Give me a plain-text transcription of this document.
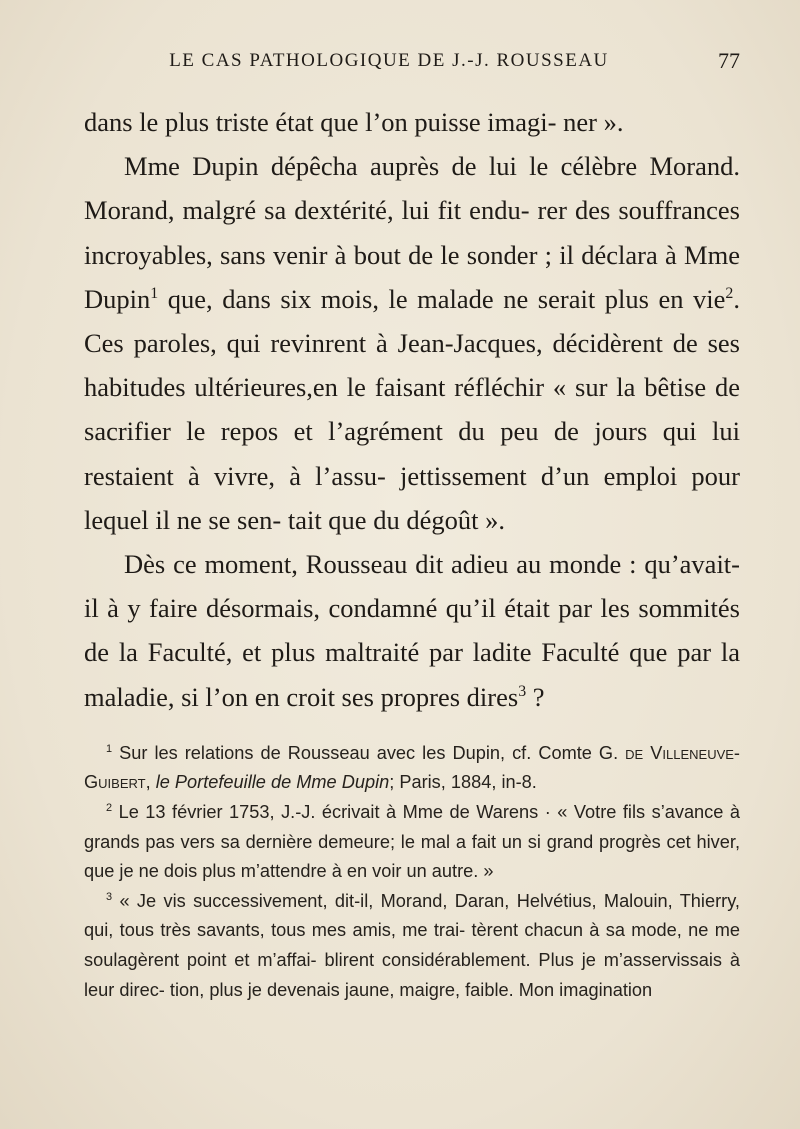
LE CAS PATHOLOGIQUE DE J.-J. ROUSSEAU	77

dans le plus triste état que l’on puisse imagi- ner ».

Mme Dupin dépêcha auprès de lui le célèbre Morand. Morand, malgré sa dextérité, lui fit endu- rer des souffrances incroyables, sans venir à bout de le sonder ; il déclara à Mme Dupin$^1$ que, dans six mois, le malade ne serait plus en vie$^2$. Ces paroles, qui revinrent à Jean-Jacques, décidèrent de ses habitudes ultérieures,en le faisant réfléchir « sur la bêtise de sacrifier le repos et l’agrément du peu de jours qui lui restaient à vivre, à l’assu- jettissement d’un emploi pour lequel il ne se sen- tait que du dégoût ».

Dès ce moment, Rousseau dit adieu au monde : qu’avait-il à y faire désormais, condamné qu’il était par les sommités de la Faculté, et plus maltraité par ladite Faculté que par la maladie, si l’on en croit ses propres dires$^3$ ?

$^1$ Sur les relations de Rousseau avec les Dupin, cf. Comte G. de Villeneuve-Guibert, le Portefeuille de Mme Dupin; Paris, 1884, in-8.

$^2$ Le 13 février 1753, J.-J. écrivait à Mme de Warens · « Votre fils s’avance à grands pas vers sa dernière demeure; le mal a fait un si grand progrès cet hiver, que je ne dois plus m’attendre à en voir un autre. »

$^3$ « Je vis successivement, dit-il, Morand, Daran, Helvétius, Malouin, Thierry, qui, tous très savants, tous mes amis, me trai- tèrent chacun à sa mode, ne me soulagèrent point et m’affai- blirent considérablement. Plus je m’asservissais à leur direc- tion, plus je devenais jaune, maigre, faible. Mon imagination
